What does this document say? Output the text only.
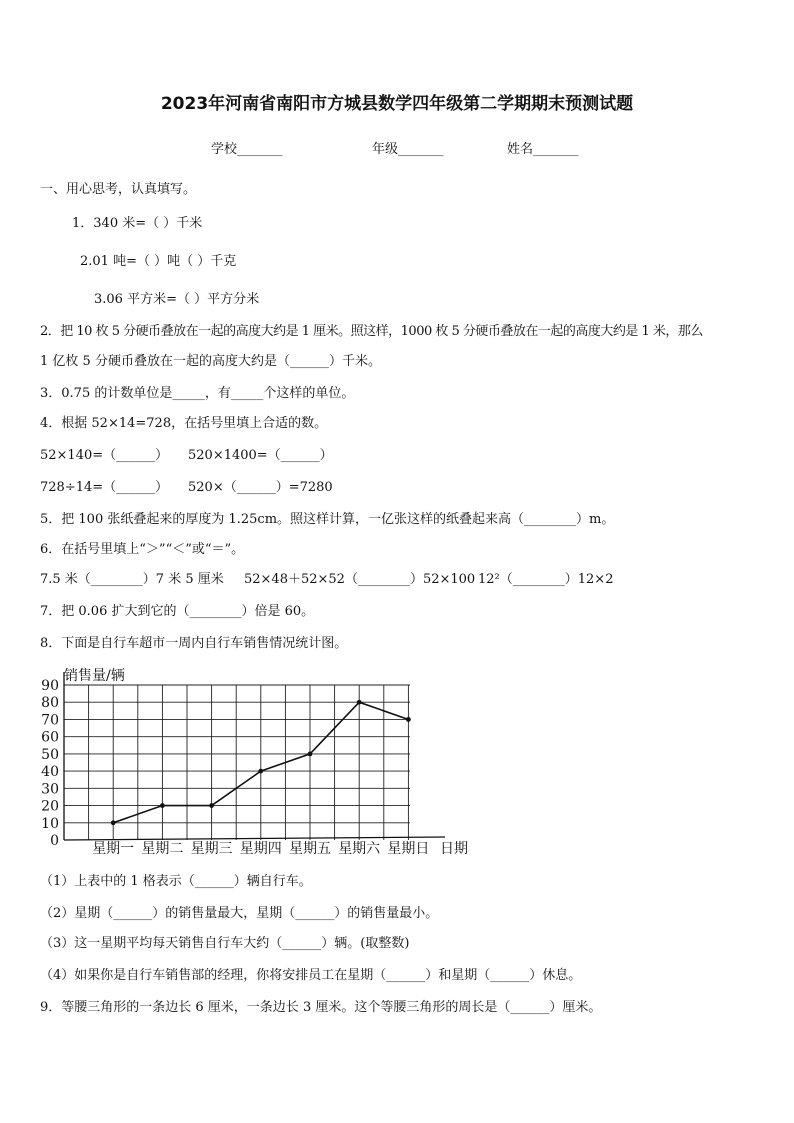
2023年河南省南阳市方城县数学四年级第二学期期末预测试题
学校_______	年级_______	姓名_______
一、用心思考，认真填写。
1．340 米=（ ）千米
2.01 吨=（ ）吨（ ）千克
3.06 平方米=（ ）平方分米
2．把 10 枚 5 分硬币叠放在一起的高度大约是 1 厘米。照这样，1000 枚 5 分硬币叠放在一起的高度大约是 1 米，那么
1 亿枚 5 分硬币叠放在一起的高度大约是（______）千米。
3．0.75 的计数单位是_____，有_____个这样的单位。
4．根据 52×14=728，在括号里填上合适的数。
52×140=（______） 520×1400=（______）
728÷14=（______） 520×（______）=7280
5．把 100 张纸叠起来的厚度为 1.25cm。照这样计算，一亿张这样的纸叠起来高（________）m。
6．在括号里填上“＞”“＜”或“＝”。
7.5 米（________）7 米 5 厘米 52×48＋52×52（________）52×100 12²（________）12×2
7．把 0.06 扩大到它的（________）倍是 60。
8．下面是自行车超市一周内自行车销售情况统计图。
销售量/辆
0
10
20
30
40
50
60
70
80
90
星期一 星期二 星期三 星期四 星期五 星期六 星期日 日期
（1）上表中的 1 格表示（______）辆自行车。
（2）星期（______）的销售量最大，星期（______）的销售量最小。
（3）这一星期平均每天销售自行车大约（______）辆。(取整数)
（4）如果你是自行车销售部的经理，你将安排员工在星期（______）和星期（______）休息。
9．等腰三角形的一条边长 6 厘米，一条边长 3 厘米。这个等腰三角形的周长是（______）厘米。
